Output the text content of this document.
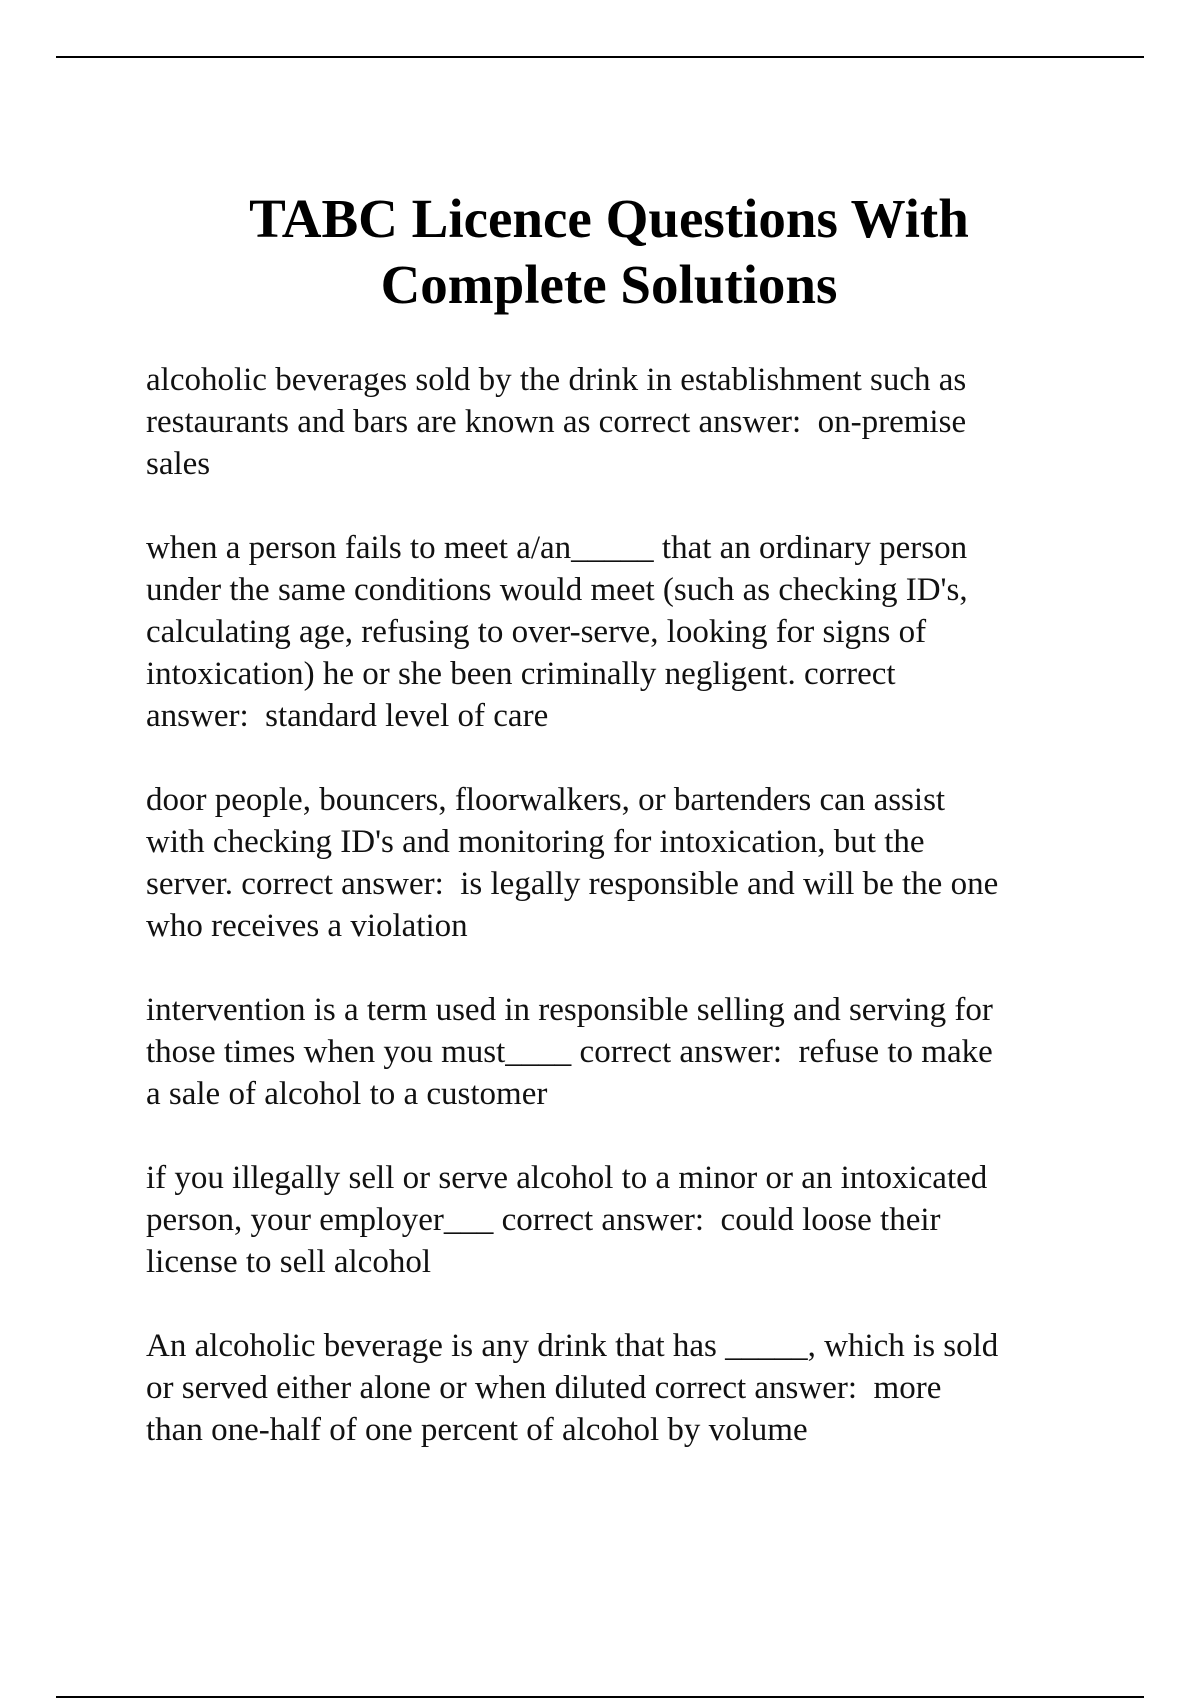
TABC Licence Questions With
Complete Solutions
alcoholic beverages sold by the drink in establishment such as
restaurants and bars are known as correct answer:  on-premise
sales
when a person fails to meet a/an_____ that an ordinary person
under the same conditions would meet (such as checking ID's,
calculating age, refusing to over-serve, looking for signs of
intoxication) he or she been criminally negligent. correct
answer:  standard level of care
door people, bouncers, floorwalkers, or bartenders can assist
with checking ID's and monitoring for intoxication, but the
server. correct answer:  is legally responsible and will be the one
who receives a violation
intervention is a term used in responsible selling and serving for
those times when you must____ correct answer:  refuse to make
a sale of alcohol to a customer
if you illegally sell or serve alcohol to a minor or an intoxicated
person, your employer___ correct answer:  could loose their
license to sell alcohol
An alcoholic beverage is any drink that has _____, which is sold
or served either alone or when diluted correct answer:  more
than one-half of one percent of alcohol by volume
